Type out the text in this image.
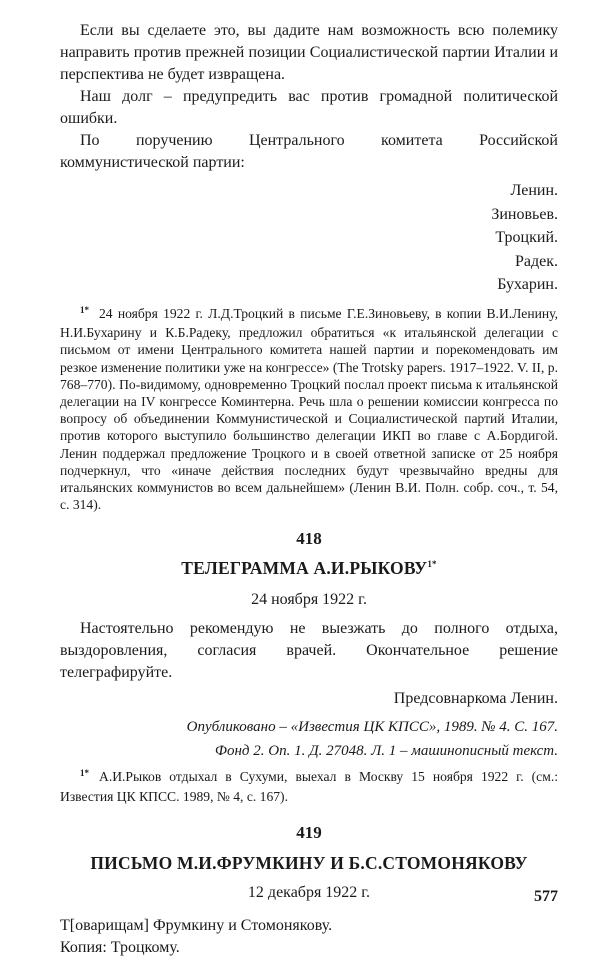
Если вы сделаете это, вы дадите нам возможность всю полемику направить против прежней позиции Социалистической партии Италии и перспектива не будет извращена.

Наш долг – предупредить вас против громадной политической ошибки.

По поручению Центрального комитета Российской коммунистической партии:

Ленин.
Зиновьев.
Троцкий.
Радек.
Бухарин.

$^{1*}$ 24 ноября 1922 г. Л.Д.Троцкий в письме Г.Е.Зиновьеву, в копии В.И.Ленину, Н.И.Бухарину и К.Б.Радеку, предложил обратиться «к итальянской делегации с письмом от имени Центрального комитета нашей партии и порекомендовать им резкое изменение политики уже на конгрессе» (The Trotsky papers. 1917–1922. V. II, p. 768–770). По-видимому, одновременно Троцкий послал проект письма к итальянской делегации на IV конгрессе Коминтерна. Речь шла о решении комиссии конгресса по вопросу об объединении Коммунистической и Социалистической партий Италии, против которого выступило большинство делегации ИКП во главе с А.Бордигой. Ленин поддержал предложение Троцкого и в своей ответной записке от 25 ноября подчеркнул, что «иначе действия последних будут чрезвычайно вредны для итальянских коммунистов во всем дальнейшем» (Ленин В.И. Полн. собр. соч., т. 54, с. 314).

418
ТЕЛЕГРАММА $А.И.РЫКОВУ^{1*}$
24 ноября 1922 г.

Настоятельно рекомендую не выезжать до полного отдыха, выздоровления, согласия врачей. Окончательное решение телеграфируйте.

Предсовнаркома Ленин.

Опубликовано – «Известия ЦК КПСС», 1989. № 4. С. 167.

Фонд 2. Оп. 1. Д. 27048. Л. 1 – машинописный текст.

$^{1*}$ А.И.Рыков отдыхал в Сухуми, выехал в Москву 15 ноября 1922 г. (см.: Известия ЦК КПСС. 1989, № 4, с. 167).

419
ПИСЬМО М.И.ФРУМКИНУ И Б.С.СТОМОНЯКОВУ
12 декабря 1922 г.

Т[оварищам] Фрумкину и Стомонякову.

Копия: Троцкому.

577
